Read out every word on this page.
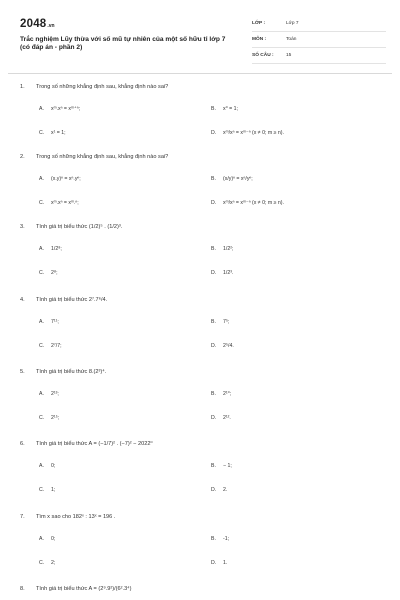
2048.vn
Trắc nghiệm Lũy thừa với số mũ tự nhiên của một số hữu tỉ lớp 7 (có đáp án - phần 2)
LỚP :	Lớp 7
MÔN :	Toán
SỐ CÂU :	15
1. Trong số những khẳng định sau, khẳng định nào sai?
A. xᵐ.xⁿ = xᵐ⁺ⁿ;	B. x⁰ = 1;
C. x¹ = 1;	D. xᵐ/xⁿ = xᵐ⁻ⁿ (x ≠ 0; m ≥ n).
2. Trong số những khẳng định sau, khẳng định nào sai?
A. (x.y)ⁿ = xⁿ.yⁿ;	B. (x/y)ⁿ = xⁿ/yⁿ;
C. xᵐ.xⁿ = xᵐ.ⁿ;	D. xᵐ/xⁿ = xᵐ⁻ⁿ (x ≠ 0; m ≥ n).
3. Tính giá trị biểu thức (1/2)⁵ . (1/2)³.
A. 1/2⁸;	B. 1/2²;
C. 2⁸;	D. 1/2³.
4. Tính giá trị biểu thức 2⁷.7⁶/4.
A. 7¹¹;	B. 7⁵;
C. 2⁷/7;	D. 2⁵/4.
5. Tính giá trị biểu thức 8.(2³)⁴.
A. 2¹³;	B. 2¹⁰;
C. 2¹⁵;	D. 2¹².
6. Tính giá trị biểu thức A = (−1/7)² . (−7)² − 2022⁰
A. 0;	B. − 1;
C. 1;	D. 2.
7. Tìm x sao cho 182ˣ : 13ˣ = 196 .
A. 0;	B. -1;
C. 2;	D. 1.
8. Tính giá trị biểu thức A = (2⁹.9²)/(6².3⁴)
